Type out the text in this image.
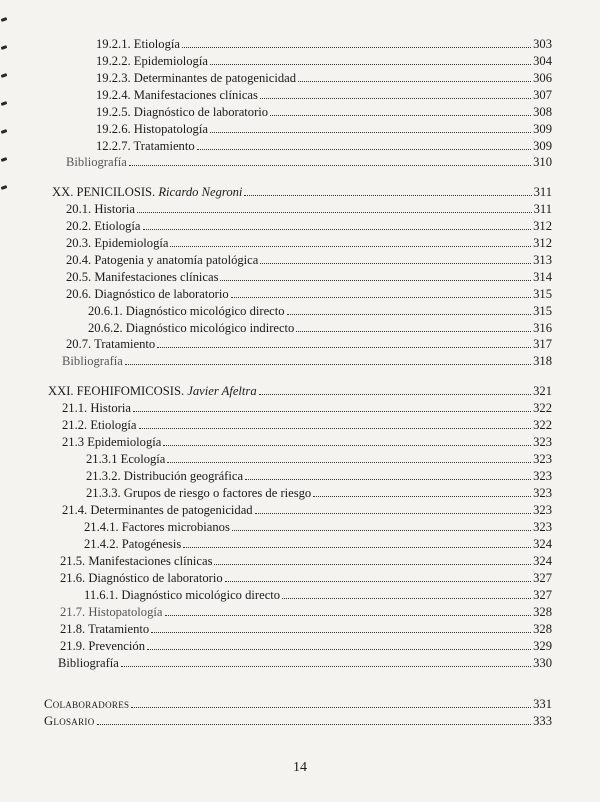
19.2.1. Etiología	303
19.2.2. Epidemiología	304
19.2.3. Determinantes de patogenicidad	306
19.2.4. Manifestaciones clínicas	307
19.2.5. Diagnóstico de laboratorio	308
19.2.6. Histopatología	309
12.2.7. Tratamiento	309
Bibliografía	310
XX. PENICILOSIS. Ricardo Negroni	311
20.1. Historia	311
20.2. Etiología	312
20.3. Epidemiología	312
20.4. Patogenia y anatomía patológica	313
20.5. Manifestaciones clínicas	314
20.6. Diagnóstico de laboratorio	315
20.6.1. Diagnóstico micológico directo	315
20.6.2. Diagnóstico micológico indirecto	316
20.7. Tratamiento	317
Bibliografía	318
XXI. FEOHIFOMICOSIS. Javier Afeltra	321
21.1. Historia	322
21.2. Etiología	322
21.3 Epidemiología	323
21.3.1 Ecología	323
21.3.2. Distribución geográfica	323
21.3.3. Grupos de riesgo o factores de riesgo	323
21.4. Determinantes de patogenicidad	323
21.4.1. Factores microbianos	323
21.4.2. Patogénesis	324
21.5. Manifestaciones clínicas	324
21.6. Diagnóstico de laboratorio	327
11.6.1. Diagnóstico micológico directo	327
21.7. Histopatología	328
21.8. Tratamiento	328
21.9. Prevención	329
Bibliografía	330
Colaboradores	331
Glosario	333
14
